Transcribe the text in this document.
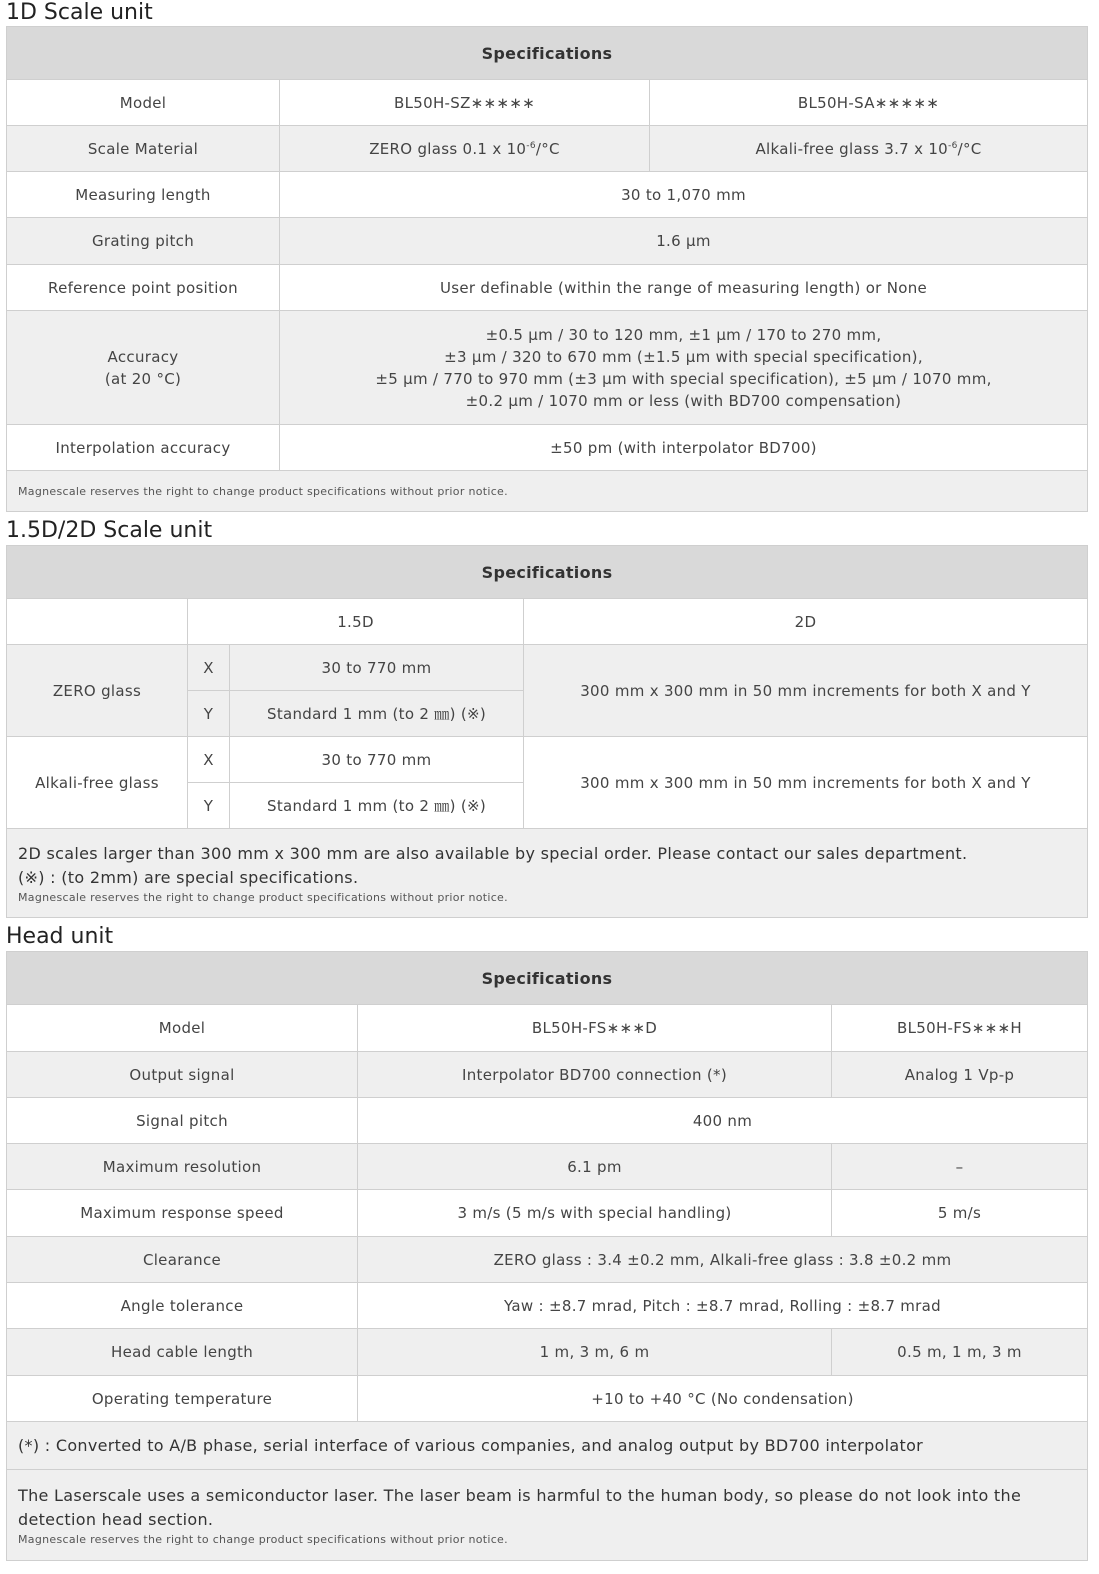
1D Scale unit
Specifications		
Model	BL50H-SZ∗∗∗∗∗	BL50H-SA∗∗∗∗∗
Scale Material	ZERO glass 0.1 x $10^{-6}/^\circ C$	Alkali-free glass 3.7 x $10^{-6}/^\circ C$
Measuring length	30 to 1,070 mm	
Grating pitch	1.6 µm	
Reference point position	User definable (within the range of measuring length) or None	

Accuracy
(at 20 °C)	±0.5 µm / 30 to 120 mm, ±1 µm / 170 to 270 mm,
±3 µm / 320 to 670 mm (±1.5 µm with special specification),
±5 µm / 770 to 970 mm (±3 µm with special specification), ±5 µm / 1070 mm,
±0.2 µm / 1070 mm or less (with BD700 compensation)	

Interpolation accuracy	±50 pm (with interpolator BD700)	

Magnescale reserves the right to change product specifications without prior notice.		
1.5D/2D Scale unit
Specifications			
	1.5D		2D
ZERO glass	X	30 to 770 mm	300 mm x 300 mm in 50 mm increments for both X and Y
	Y	Standard 1 mm (to 2 ㎜) (※)	
Alkali-free glass	X	30 to 770 mm	300 mm x 300 mm in 50 mm increments for both X and Y
	Y	Standard 1 mm (to 2 ㎜) (※)	

2D scales larger than 300 mm x 300 mm are also available by special order. Please contact our sales department.
(※) : (to 2mm) are special specifications.
Magnescale reserves the right to change product specifications without prior notice.			
Head unit
Specifications		
Model	BL50H-FS∗∗∗D	BL50H-FS∗∗∗H
Output signal	Interpolator BD700 connection (*)	Analog 1 Vp-p
Signal pitch	400 nm	
Maximum resolution	6.1 pm	–
Maximum response speed	3 m/s (5 m/s with special handling)	5 m/s
Clearance	ZERO glass : 3.4 ±0.2 mm, Alkali-free glass : 3.8 ±0.2 mm	
Angle tolerance	Yaw : ±8.7 mrad, Pitch : ±8.7 mrad, Rolling : ±8.7 mrad	
Head cable length	1 m, 3 m, 6 m	0.5 m, 1 m, 3 m
Operating temperature	+10 to +40 °C (No condensation)	

(*) : Converted to A/B phase, serial interface of various companies, and analog output by BD700 interpolator		

The Laserscale uses a semiconductor laser. The laser beam is harmful to the human body, so please do not look into the detection head section.
Magnescale reserves the right to change product specifications without prior notice.		
